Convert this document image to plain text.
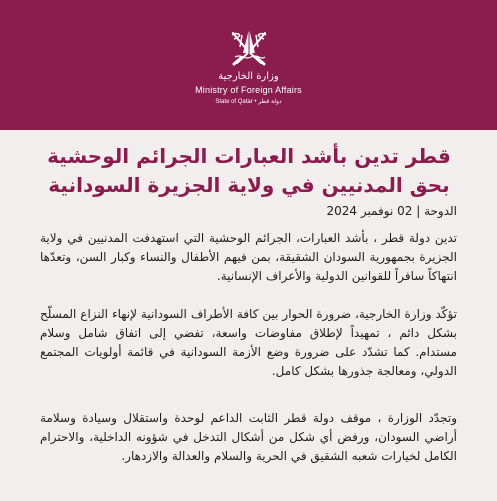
وزارة الخارجية
Ministry of Foreign Affairs
State of Qatar • دولة قطر
قطر تدين بأشد العبارات الجرائم الوحشية بحق المدنيين في ولاية الجزيرة السودانية

الدوحة | 02 نوفمبر 2024

تدين دولة قطر ، بأشد العبارات، الجرائم الوحشية التي استهدفت المدنيين في ولاية الجزيرة بجمهورية السودان الشقيقة، بمن فيهم الأطفال والنساء وكبار السن، وتعدّها انتهاكاً سافراً للقوانين الدولية والأعراف الإنسانية.

تؤكّد وزارة الخارجية، ضرورة الحوار بين كافة الأطراف السودانية لإنهاء النزاع المسلّح بشكل دائم ، تمهيداً لإطلاق مفاوضات واسعة، تفضي إلى اتفاق شامل وسلام مستدام. كما تشدّد على ضرورة وضع الأزمة السودانية في قائمة أولويات المجتمع الدولي، ومعالجة جذورها بشكل كامل.

وتجدّد الوزارة ، موقف دولة قطر الثابت الداعم لوحدة واستقلال وسيادة وسلامة أراضي السودان، ورفض أي شكل من أشكال التدخل في شؤونه الداخلية، والاحترام الكامل لخيارات شعبه الشقيق في الحرية والسلام والعدالة والازدهار.
